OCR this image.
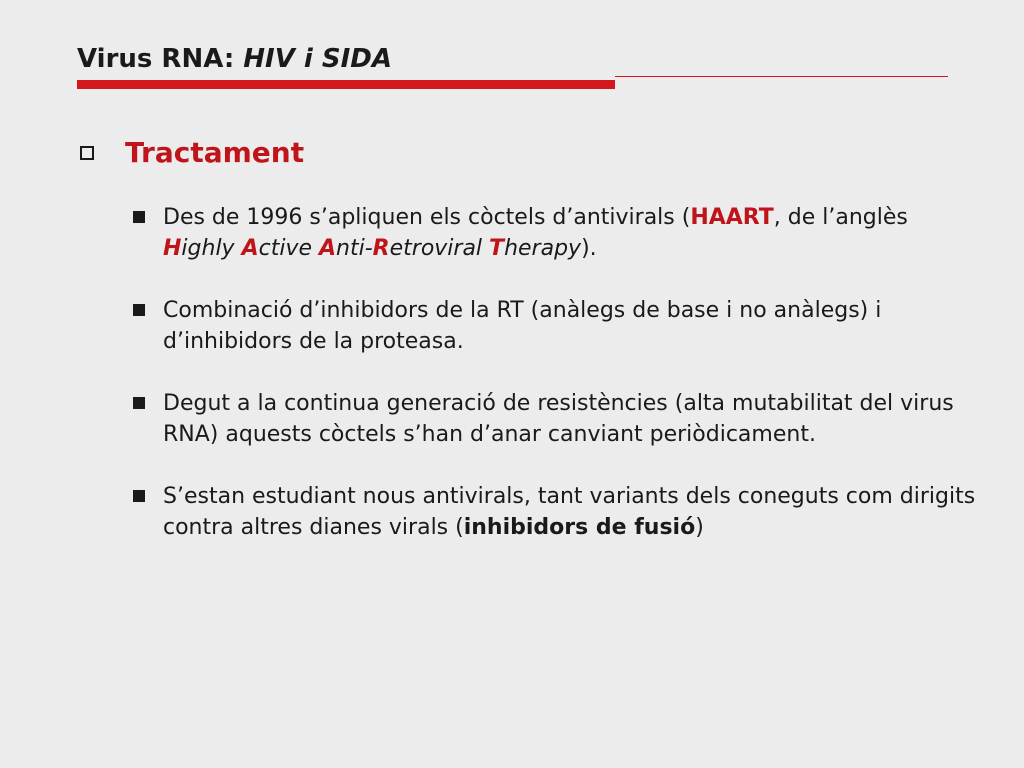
Virus RNA: HIV i SIDA
Tractament
Des de 1996 s’apliquen els còctels d’antivirals (HAART, de l’anglès Highly Active Anti-Retroviral Therapy).
Combinació d’inhibidors de la RT (anàlegs de base i no anàlegs) i d’inhibidors de la proteasa.
Degut a la continua generació de resistències (alta mutabilitat del virus RNA) aquests còctels s’han d’anar canviant periòdicament.
S’estan estudiant nous antivirals, tant variants dels coneguts com dirigits contra altres dianes virals (inhibidors de fusió)
